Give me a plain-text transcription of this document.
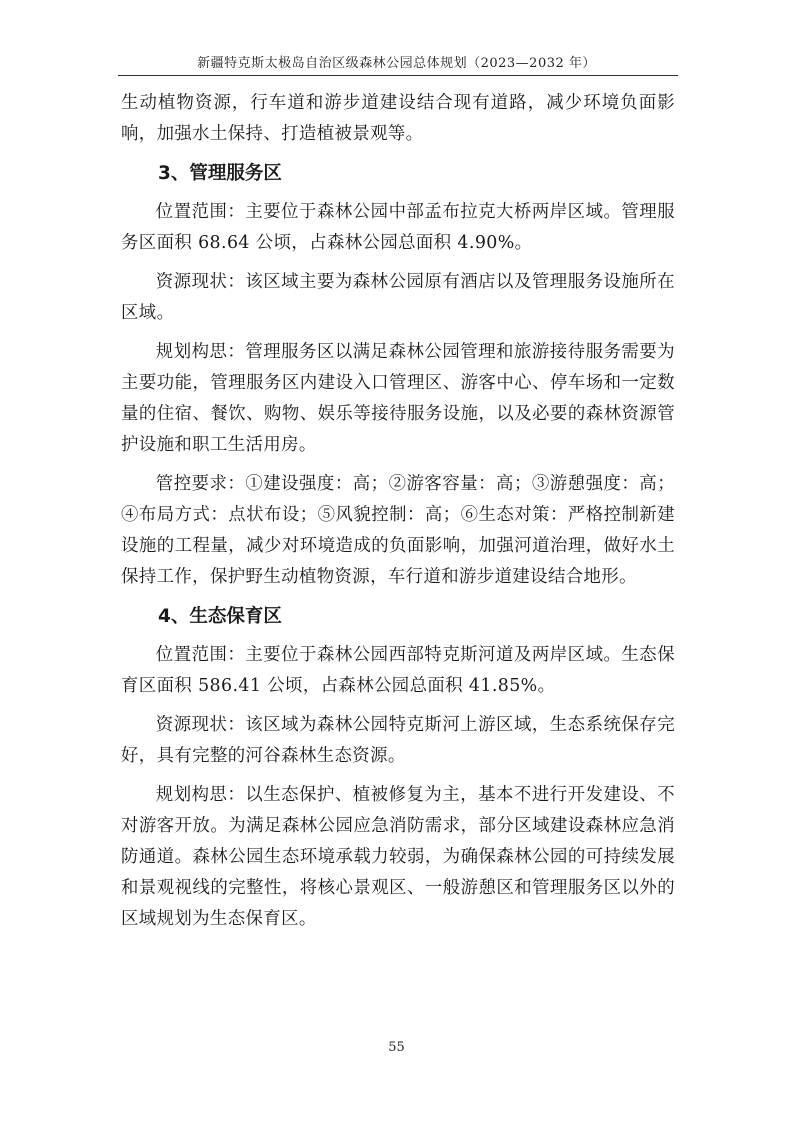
新疆特克斯太极岛自治区级森林公园总体规划（2023—2032 年）

生动植物资源，行车道和游步道建设结合现有道路，减少环境负面影响，加强水土保持、打造植被景观等。

3、管理服务区

位置范围：主要位于森林公园中部孟布拉克大桥两岸区域。管理服务区面积 68.64 公顷，占森林公园总面积 4.90%。

资源现状：该区域主要为森林公园原有酒店以及管理服务设施所在区域。

规划构思：管理服务区以满足森林公园管理和旅游接待服务需要为主要功能，管理服务区内建设入口管理区、游客中心、停车场和一定数量的住宿、餐饮、购物、娱乐等接待服务设施，以及必要的森林资源管护设施和职工生活用房。

管控要求：①建设强度：高；②游客容量：高；③游憩强度：高；④布局方式：点状布设；⑤风貌控制：高；⑥生态对策：严格控制新建设施的工程量，减少对环境造成的负面影响，加强河道治理，做好水土保持工作，保护野生动植物资源，车行道和游步道建设结合地形。

4、生态保育区

位置范围：主要位于森林公园西部特克斯河道及两岸区域。生态保育区面积 586.41 公顷，占森林公园总面积 41.85%。

资源现状：该区域为森林公园特克斯河上游区域，生态系统保存完好，具有完整的河谷森林生态资源。

规划构思：以生态保护、植被修复为主，基本不进行开发建设、不对游客开放。为满足森林公园应急消防需求，部分区域建设森林应急消防通道。森林公园生态环境承载力较弱，为确保森林公园的可持续发展和景观视线的完整性，将核心景观区、一般游憩区和管理服务区以外的区域规划为生态保育区。

55
